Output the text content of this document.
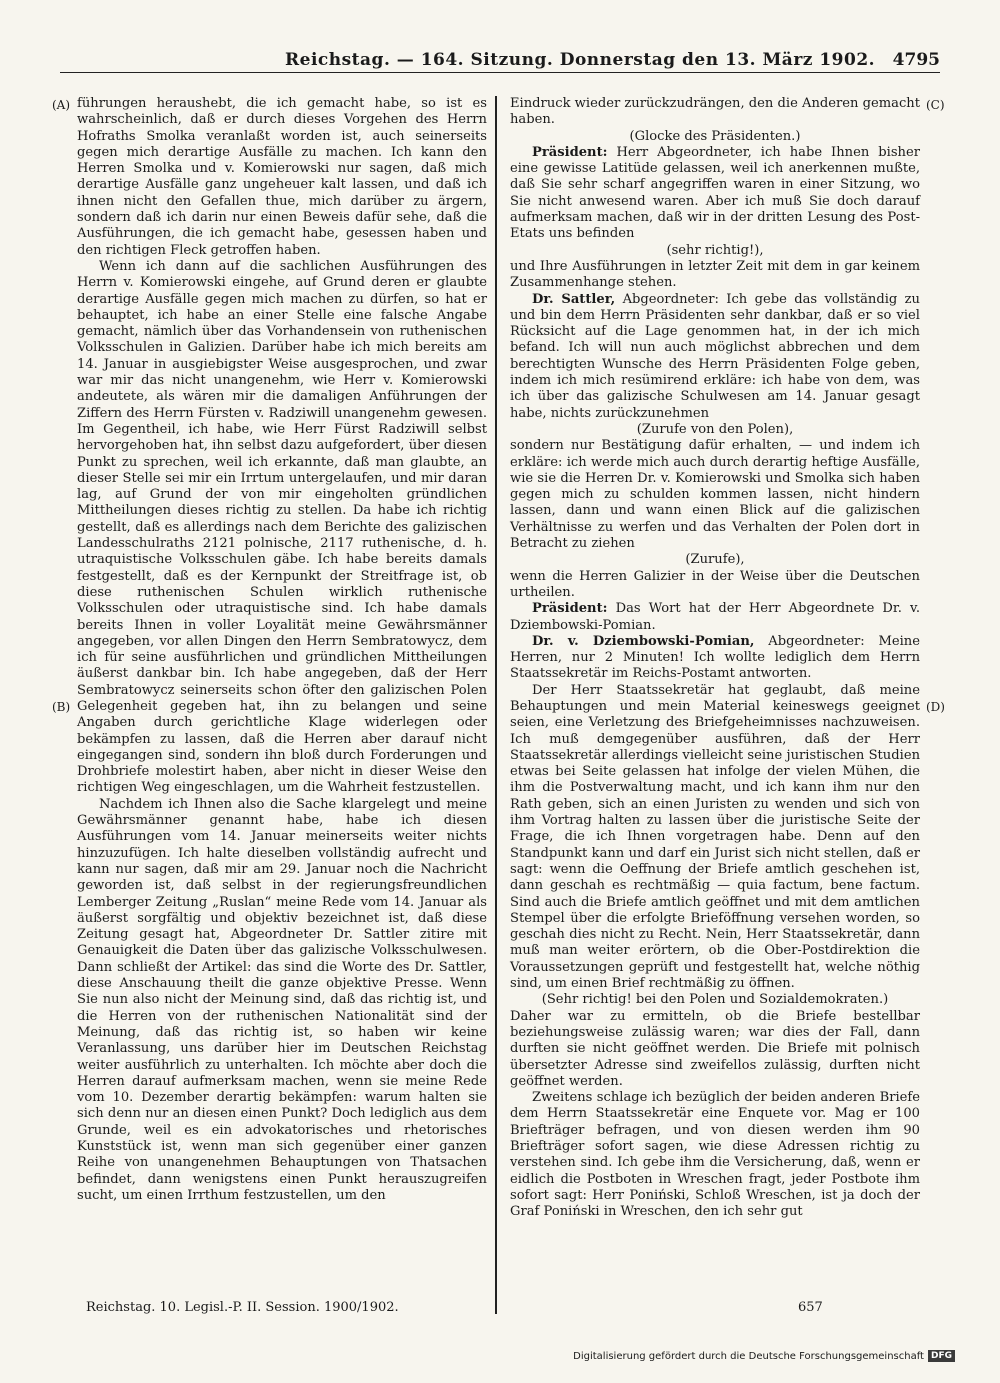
Reichstag. — 164. Sitzung. Donnerstag den 13. März 1902. 4795
(A)
(B)
(C)
(D)

führungen heraushebt, die ich gemacht habe, so ist es wahrscheinlich, daß er durch dieses Vorgehen des Herrn Hofraths Smolka veranlaßt worden ist, auch seinerseits gegen mich derartige Ausfälle zu machen. Ich kann den Herren Smolka und v. Komierowski nur sagen, daß mich derartige Ausfälle ganz ungeheuer kalt lassen, und daß ich ihnen nicht den Gefallen thue, mich darüber zu ärgern, sondern daß ich darin nur einen Beweis dafür sehe, daß die Ausführungen, die ich gemacht habe, gesessen haben und den richtigen Fleck getroffen haben.

Wenn ich dann auf die sachlichen Ausführungen des Herrn v. Komierowski eingehe, auf Grund deren er glaubte derartige Ausfälle gegen mich machen zu dürfen, so hat er behauptet, ich habe an einer Stelle eine falsche Angabe gemacht, nämlich über das Vorhandensein von ruthenischen Volksschulen in Galizien. Darüber habe ich mich bereits am 14. Januar in ausgiebigster Weise ausgesprochen, und zwar war mir das nicht unangenehm, wie Herr v. Komierowski andeutete, als wären mir die damaligen Anführungen der Ziffern des Herrn Fürsten v. Radziwill unangenehm gewesen. Im Gegentheil, ich habe, wie Herr Fürst Radziwill selbst hervorgehoben hat, ihn selbst dazu aufgefordert, über diesen Punkt zu sprechen, weil ich erkannte, daß man glaubte, an dieser Stelle sei mir ein Irrtum untergelaufen, und mir daran lag, auf Grund der von mir eingeholten gründlichen Mittheilungen dieses richtig zu stellen. Da habe ich richtig gestellt, daß es allerdings nach dem Berichte des galizischen Landesschulraths 2121 polnische, 2117 ruthenische, d. h. utraquistische Volksschulen gäbe. Ich habe bereits damals festgestellt, daß es der Kernpunkt der Streitfrage ist, ob diese ruthenischen Schulen wirklich ruthenische Volksschulen oder utraquistische sind. Ich habe damals bereits Ihnen in voller Loyalität meine Gewährsmänner angegeben, vor allen Dingen den Herrn Sembratowycz, dem ich für seine ausführlichen und gründlichen Mittheilungen äußerst dankbar bin. Ich habe angegeben, daß der Herr Sembratowycz seinerseits schon öfter den galizischen Polen Gelegenheit gegeben hat, ihn zu belangen und seine Angaben durch gerichtliche Klage widerlegen oder bekämpfen zu lassen, daß die Herren aber darauf nicht eingegangen sind, sondern ihn bloß durch Forderungen und Drohbriefe molestirt haben, aber nicht in dieser Weise den richtigen Weg eingeschlagen, um die Wahrheit festzustellen.

Nachdem ich Ihnen also die Sache klargelegt und meine Gewährsmänner genannt habe, habe ich diesen Ausführungen vom 14. Januar meinerseits weiter nichts hinzuzufügen. Ich halte dieselben vollständig aufrecht und kann nur sagen, daß mir am 29. Januar noch die Nachricht geworden ist, daß selbst in der regierungsfreundlichen Lemberger Zeitung „Ruslan“ meine Rede vom 14. Januar als äußerst sorgfältig und objektiv bezeichnet ist, daß diese Zeitung gesagt hat, Abgeordneter Dr. Sattler zitire mit Genauigkeit die Daten über das galizische Volksschulwesen. Dann schließt der Artikel: das sind die Worte des Dr. Sattler, diese Anschauung theilt die ganze objektive Presse. Wenn Sie nun also nicht der Meinung sind, daß das richtig ist, und die Herren von der ruthenischen Nationalität sind der Meinung, daß das richtig ist, so haben wir keine Veranlassung, uns darüber hier im Deutschen Reichstag weiter ausführlich zu unterhalten. Ich möchte aber doch die Herren darauf aufmerksam machen, wenn sie meine Rede vom 10. Dezember derartig bekämpfen: warum halten sie sich denn nur an diesen einen Punkt? Doch lediglich aus dem Grunde, weil es ein advokatorisches und rhetorisches Kunststück ist, wenn man sich gegenüber einer ganzen Reihe von unangenehmen Behauptungen von Thatsachen befindet, dann wenigstens einen Punkt herauszugreifen sucht, um einen Irrthum festzustellen, um den

Eindruck wieder zurückzudrängen, den die Anderen gemacht haben.

(Glocke des Präsidenten.)

Präsident: Herr Abgeordneter, ich habe Ihnen bisher eine gewisse Latitüde gelassen, weil ich anerkennen mußte, daß Sie sehr scharf angegriffen waren in einer Sitzung, wo Sie nicht anwesend waren. Aber ich muß Sie doch darauf aufmerksam machen, daß wir in der dritten Lesung des Post-Etats uns befinden

(sehr richtig!),

und Ihre Ausführungen in letzter Zeit mit dem in gar keinem Zusammenhange stehen.

Dr. Sattler, Abgeordneter: Ich gebe das vollständig zu und bin dem Herrn Präsidenten sehr dankbar, daß er so viel Rücksicht auf die Lage genommen hat, in der ich mich befand. Ich will nun auch möglichst abbrechen und dem berechtigten Wunsche des Herrn Präsidenten Folge geben, indem ich mich resümirend erkläre: ich habe von dem, was ich über das galizische Schulwesen am 14. Januar gesagt habe, nichts zurückzunehmen

(Zurufe von den Polen),

sondern nur Bestätigung dafür erhalten, — und indem ich erkläre: ich werde mich auch durch derartig heftige Ausfälle, wie sie die Herren Dr. v. Komierowski und Smolka sich haben gegen mich zu schulden kommen lassen, nicht hindern lassen, dann und wann einen Blick auf die galizischen Verhältnisse zu werfen und das Verhalten der Polen dort in Betracht zu ziehen

(Zurufe),

wenn die Herren Galizier in der Weise über die Deutschen urtheilen.

Präsident: Das Wort hat der Herr Abgeordnete Dr. v. Dziembowski-Pomian.

Dr. v. Dziembowski-Pomian, Abgeordneter: Meine Herren, nur 2 Minuten! Ich wollte lediglich dem Herrn Staatssekretär im Reichs-Postamt antworten.

Der Herr Staatssekretär hat geglaubt, daß meine Behauptungen und mein Material keineswegs geeignet seien, eine Verletzung des Briefgeheimnisses nachzuweisen. Ich muß demgegenüber ausführen, daß der Herr Staatssekretär allerdings vielleicht seine juristischen Studien etwas bei Seite gelassen hat infolge der vielen Mühen, die ihm die Postverwaltung macht, und ich kann ihm nur den Rath geben, sich an einen Juristen zu wenden und sich von ihm Vortrag halten zu lassen über die juristische Seite der Frage, die ich Ihnen vorgetragen habe. Denn auf den Standpunkt kann und darf ein Jurist sich nicht stellen, daß er sagt: wenn die Oeffnung der Briefe amtlich geschehen ist, dann geschah es rechtmäßig — quia factum, bene factum. Sind auch die Briefe amtlich geöffnet und mit dem amtlichen Stempel über die erfolgte Brieföffnung versehen worden, so geschah dies nicht zu Recht. Nein, Herr Staatssekretär, dann muß man weiter erörtern, ob die Ober-Postdirektion die Voraussetzungen geprüft und festgestellt hat, welche nöthig sind, um einen Brief rechtmäßig zu öffnen.

(Sehr richtig! bei den Polen und Sozialdemokraten.)

Daher war zu ermitteln, ob die Briefe bestellbar beziehungsweise zulässig waren; war dies der Fall, dann durften sie nicht geöffnet werden. Die Briefe mit polnisch übersetzter Adresse sind zweifellos zulässig, durften nicht geöffnet werden.

Zweitens schlage ich bezüglich der beiden anderen Briefe dem Herrn Staatssekretär eine Enquete vor. Mag er 100 Briefträger befragen, und von diesen werden ihm 90 Briefträger sofort sagen, wie diese Adressen richtig zu verstehen sind. Ich gebe ihm die Versicherung, daß, wenn er eidlich die Postboten in Wreschen fragt, jeder Postbote ihm sofort sagt: Herr Poniński, Schloß Wreschen, ist ja doch der Graf Poniński in Wreschen, den ich sehr gut

Reichstag. 10. Legisl.-P. II. Session. 1900/1902.	657
Digitalisierung gefördert durch die Deutsche Forschungsgemeinschaft DFG
